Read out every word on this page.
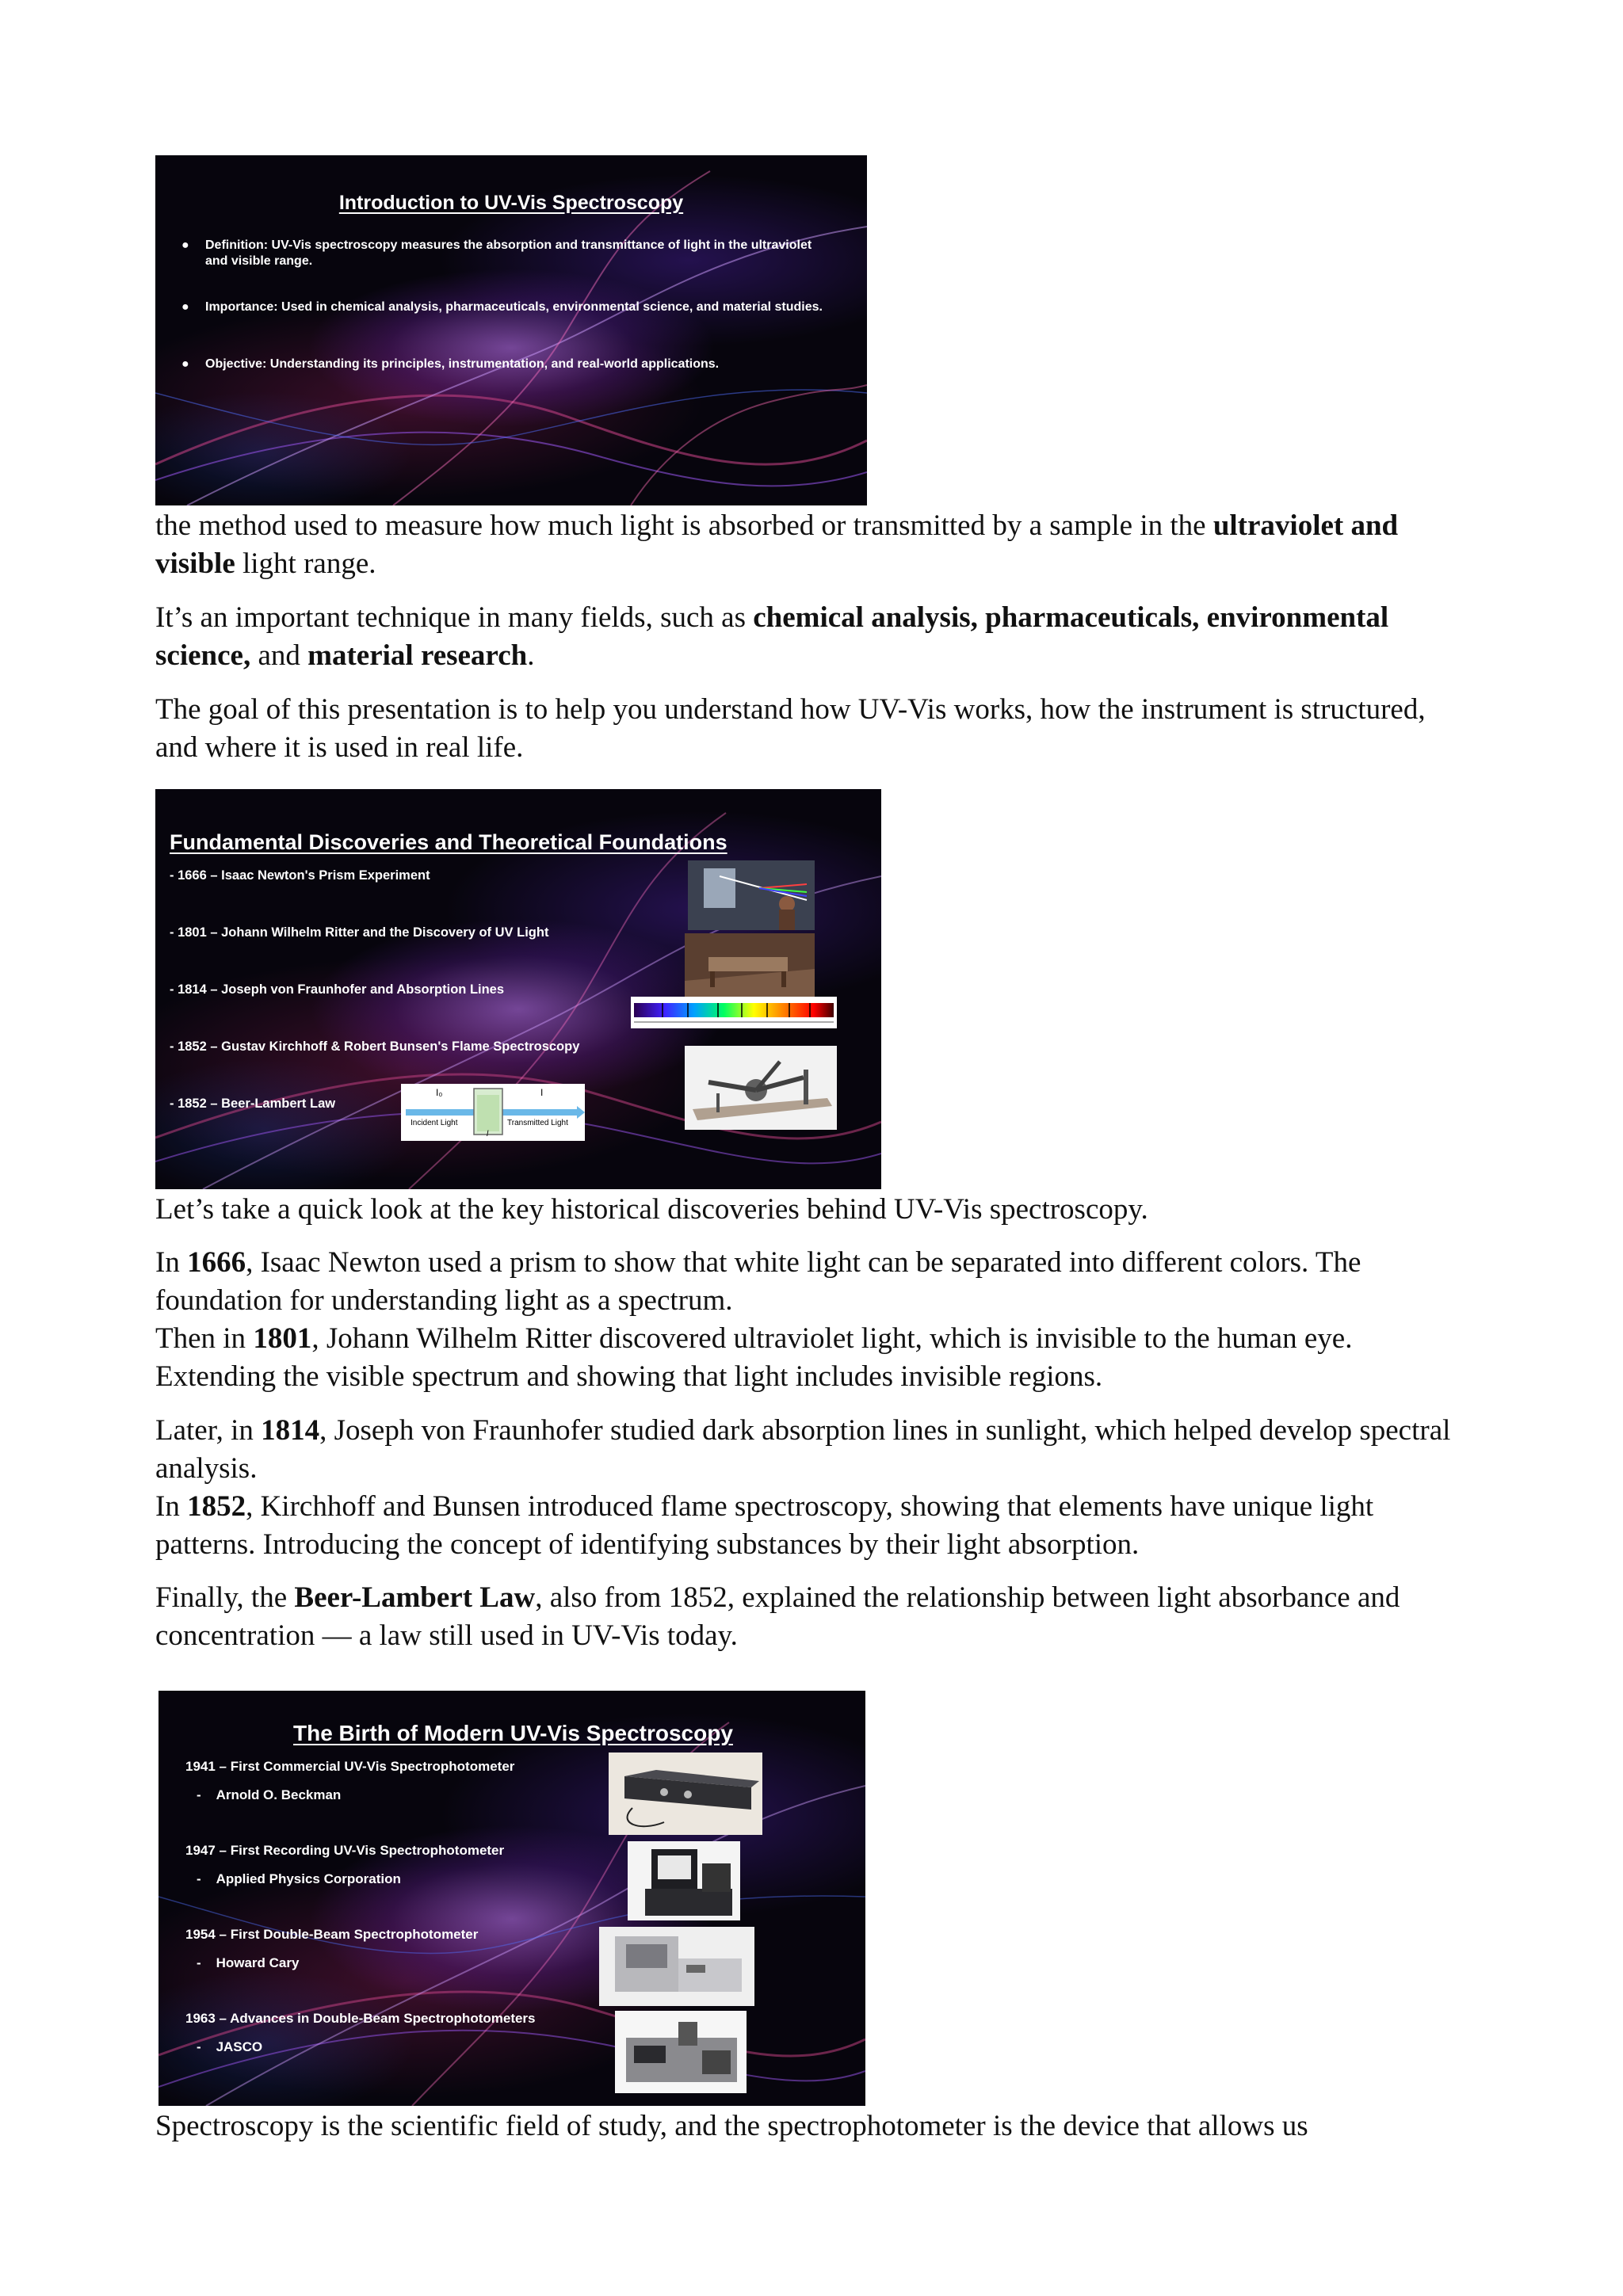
Introduction to UV-Vis Spectroscopy
● Definition: UV-Vis spectroscopy measures the absorption and transmittance of light in the ultraviolet and visible range.
● Importance: Used in chemical analysis, pharmaceuticals, environmental science, and material studies.
● Objective: Understanding its principles, instrumentation, and real-world applications.

the method used to measure how much light is absorbed or transmitted by a sample in the ultraviolet and visible light range.

It’s an important technique in many fields, such as chemical analysis, pharmaceuticals, environmental science, and material research.

The goal of this presentation is to help you understand how UV-Vis works, how the instrument is structured, and where it is used in real life.

Fundamental Discoveries and Theoretical Foundations
- 1666 – Isaac Newton's Prism Experiment
- 1801 – Johann Wilhelm Ritter and the Discovery of UV Light
- 1814 – Joseph von Fraunhofer and Absorption Lines
- 1852 – Gustav Kirchhoff & Robert Bunsen's Flame Spectroscopy
- 1852 – Beer-Lambert Law
I₀	I
l
Incident Light	Transmitted Light

Let’s take a quick look at the key historical discoveries behind UV-Vis spectroscopy.

In 1666, Isaac Newton used a prism to show that white light can be separated into different colors. The foundation for understanding light as a spectrum.
Then in 1801, Johann Wilhelm Ritter discovered ultraviolet light, which is invisible to the human eye. Extending the visible spectrum and showing that light includes invisible regions.

Later, in 1814, Joseph von Fraunhofer studied dark absorption lines in sunlight, which helped develop spectral analysis.
In 1852, Kirchhoff and Bunsen introduced flame spectroscopy, showing that elements have unique light patterns. Introducing the concept of identifying substances by their light absorption.

Finally, the Beer-Lambert Law, also from 1852, explained the relationship between light absorbance and concentration — a law still used in UV-Vis today.

The Birth of Modern UV-Vis Spectroscopy
1941 – First Commercial UV-Vis Spectrophotometer
-    Arnold O. Beckman
1947 – First Recording UV-Vis Spectrophotometer
-    Applied Physics Corporation
1954 – First Double-Beam Spectrophotometer
-    Howard Cary
1963 – Advances in Double-Beam Spectrophotometers
-    JASCO

Spectroscopy is the scientific field of study, and the spectrophotometer is the device that allows us
